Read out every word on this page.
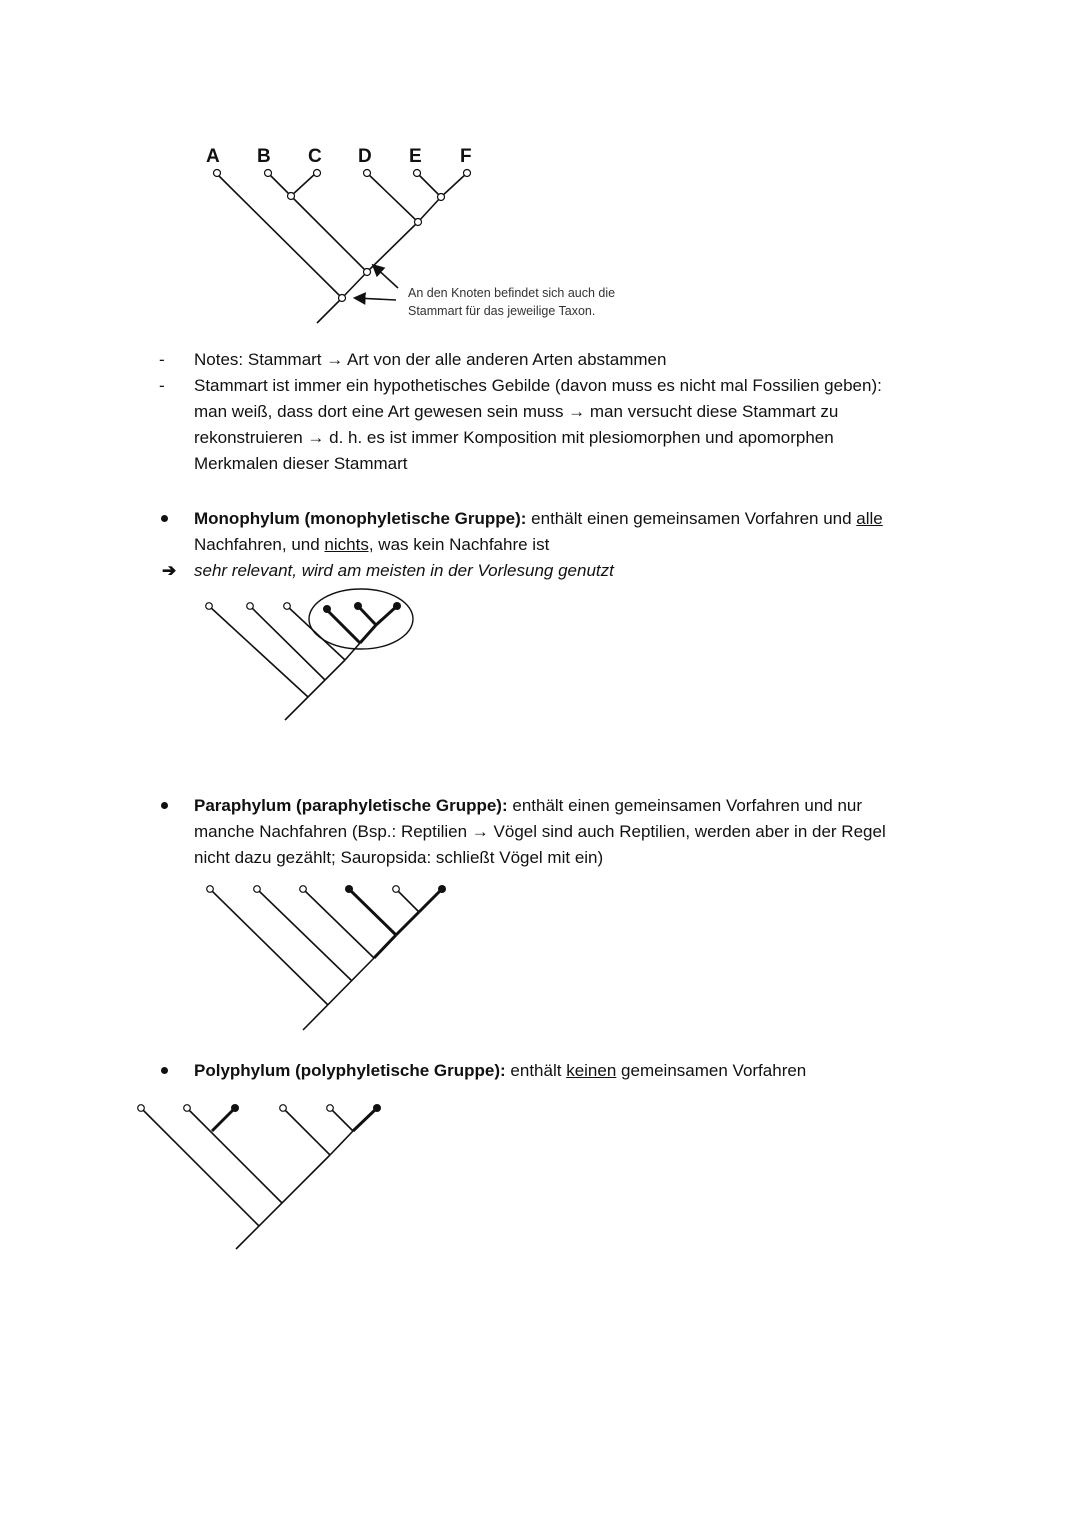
A B C D E F
An den Knoten befindet sich auch die
Stammart für das jeweilige Taxon.
- Notes: Stammart → Art von der alle anderen Arten abstammen
- Stammart ist immer ein hypothetisches Gebilde (davon muss es nicht mal Fossilien geben):
man weiß, dass dort eine Art gewesen sein muss → man versucht diese Stammart zu
rekonstruieren → d. h. es ist immer Komposition mit plesiomorphen und apomorphen
Merkmalen dieser Stammart
Monophylum (monophyletische Gruppe): enthält einen gemeinsamen Vorfahren und alle
Nachfahren, und nichts, was kein Nachfahre ist
➔ sehr relevant, wird am meisten in der Vorlesung genutzt
Paraphylum (paraphyletische Gruppe): enthält einen gemeinsamen Vorfahren und nur
manche Nachfahren (Bsp.: Reptilien → Vögel sind auch Reptilien, werden aber in der Regel
nicht dazu gezählt; Sauropsida: schließt Vögel mit ein)
Polyphylum (polyphyletische Gruppe): enthält keinen gemeinsamen Vorfahren
